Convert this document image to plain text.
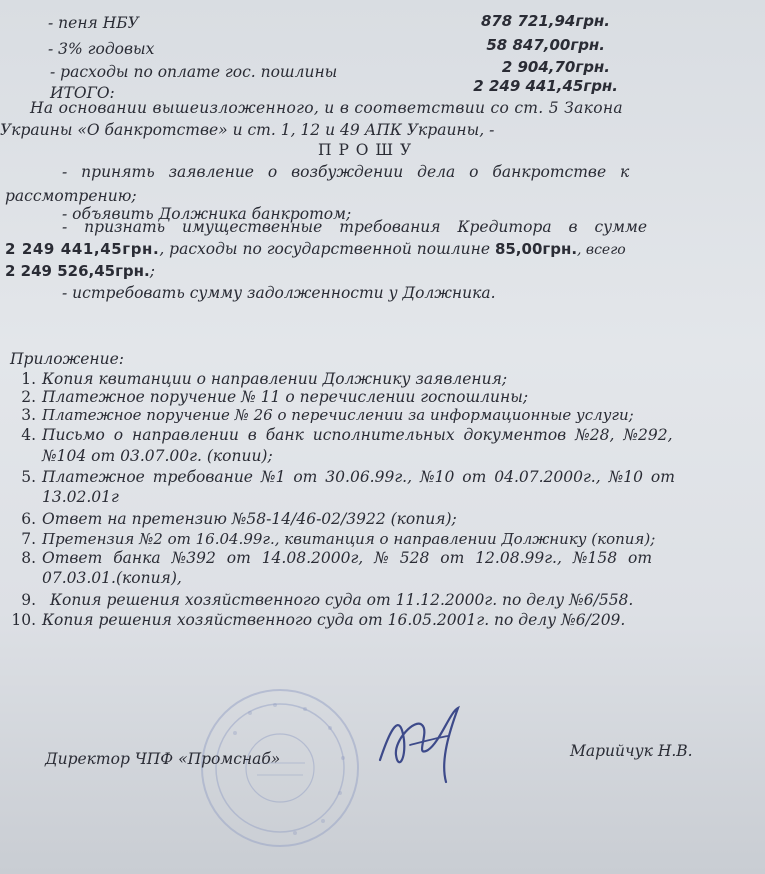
- пеня НБУ	878 721,94грн.
- 3% годовых	58 847,00грн.
- расходы по оплате гос. пошлины	2 904,70грн.
ИТОГО:	2 249 441,45грн.
На основании вышеизложенного, и в соответствии со ст. 5 Закона
Украины «О банкротстве» и ст. 1, 12 и 49 АПК Украины, -
П Р О Ш У
- принять заявление о возбуждении дела о банкротстве к
рассмотрению;
- объявить Должника банкротом;
- признать имущественные требования Кредитора в сумме
2 249 441,45грн., расходы по государственной пошлине 85,00грн., всего
2 249 526,45грн.;
- истребовать сумму задолженности у Должника.
Приложение:
1. Копия квитанции о направлении Должнику заявления;
2. Платежное поручение № 11 о перечислении госпошлины;
3. Платежное поручение № 26 о перечислении за информационные услуги;
4. Письмо о направлении в банк исполнительных документов №28, №292,
№104 от 03.07.00г. (копии);
5. Платежное требование №1 от 30.06.99г., №10 от 04.07.2000г., №10 от
13.02.01г
6. Ответ на претензию №58-14/46-02/3922 (копия);
7. Претензия №2 от 16.04.99г., квитанция о направлении Должнику (копия);
8. Ответ банка №392 от 14.08.2000г, № 528 от 12.08.99г., №158 от
07.03.01.(копия),
9. Копия решения хозяйственного суда от 11.12.2000г. по делу №6/558.
10. Копия решения хозяйственного суда от 16.05.2001г. по делу №6/209.
Директор ЧПФ «Промснаб»	Марийчук Н.В.
